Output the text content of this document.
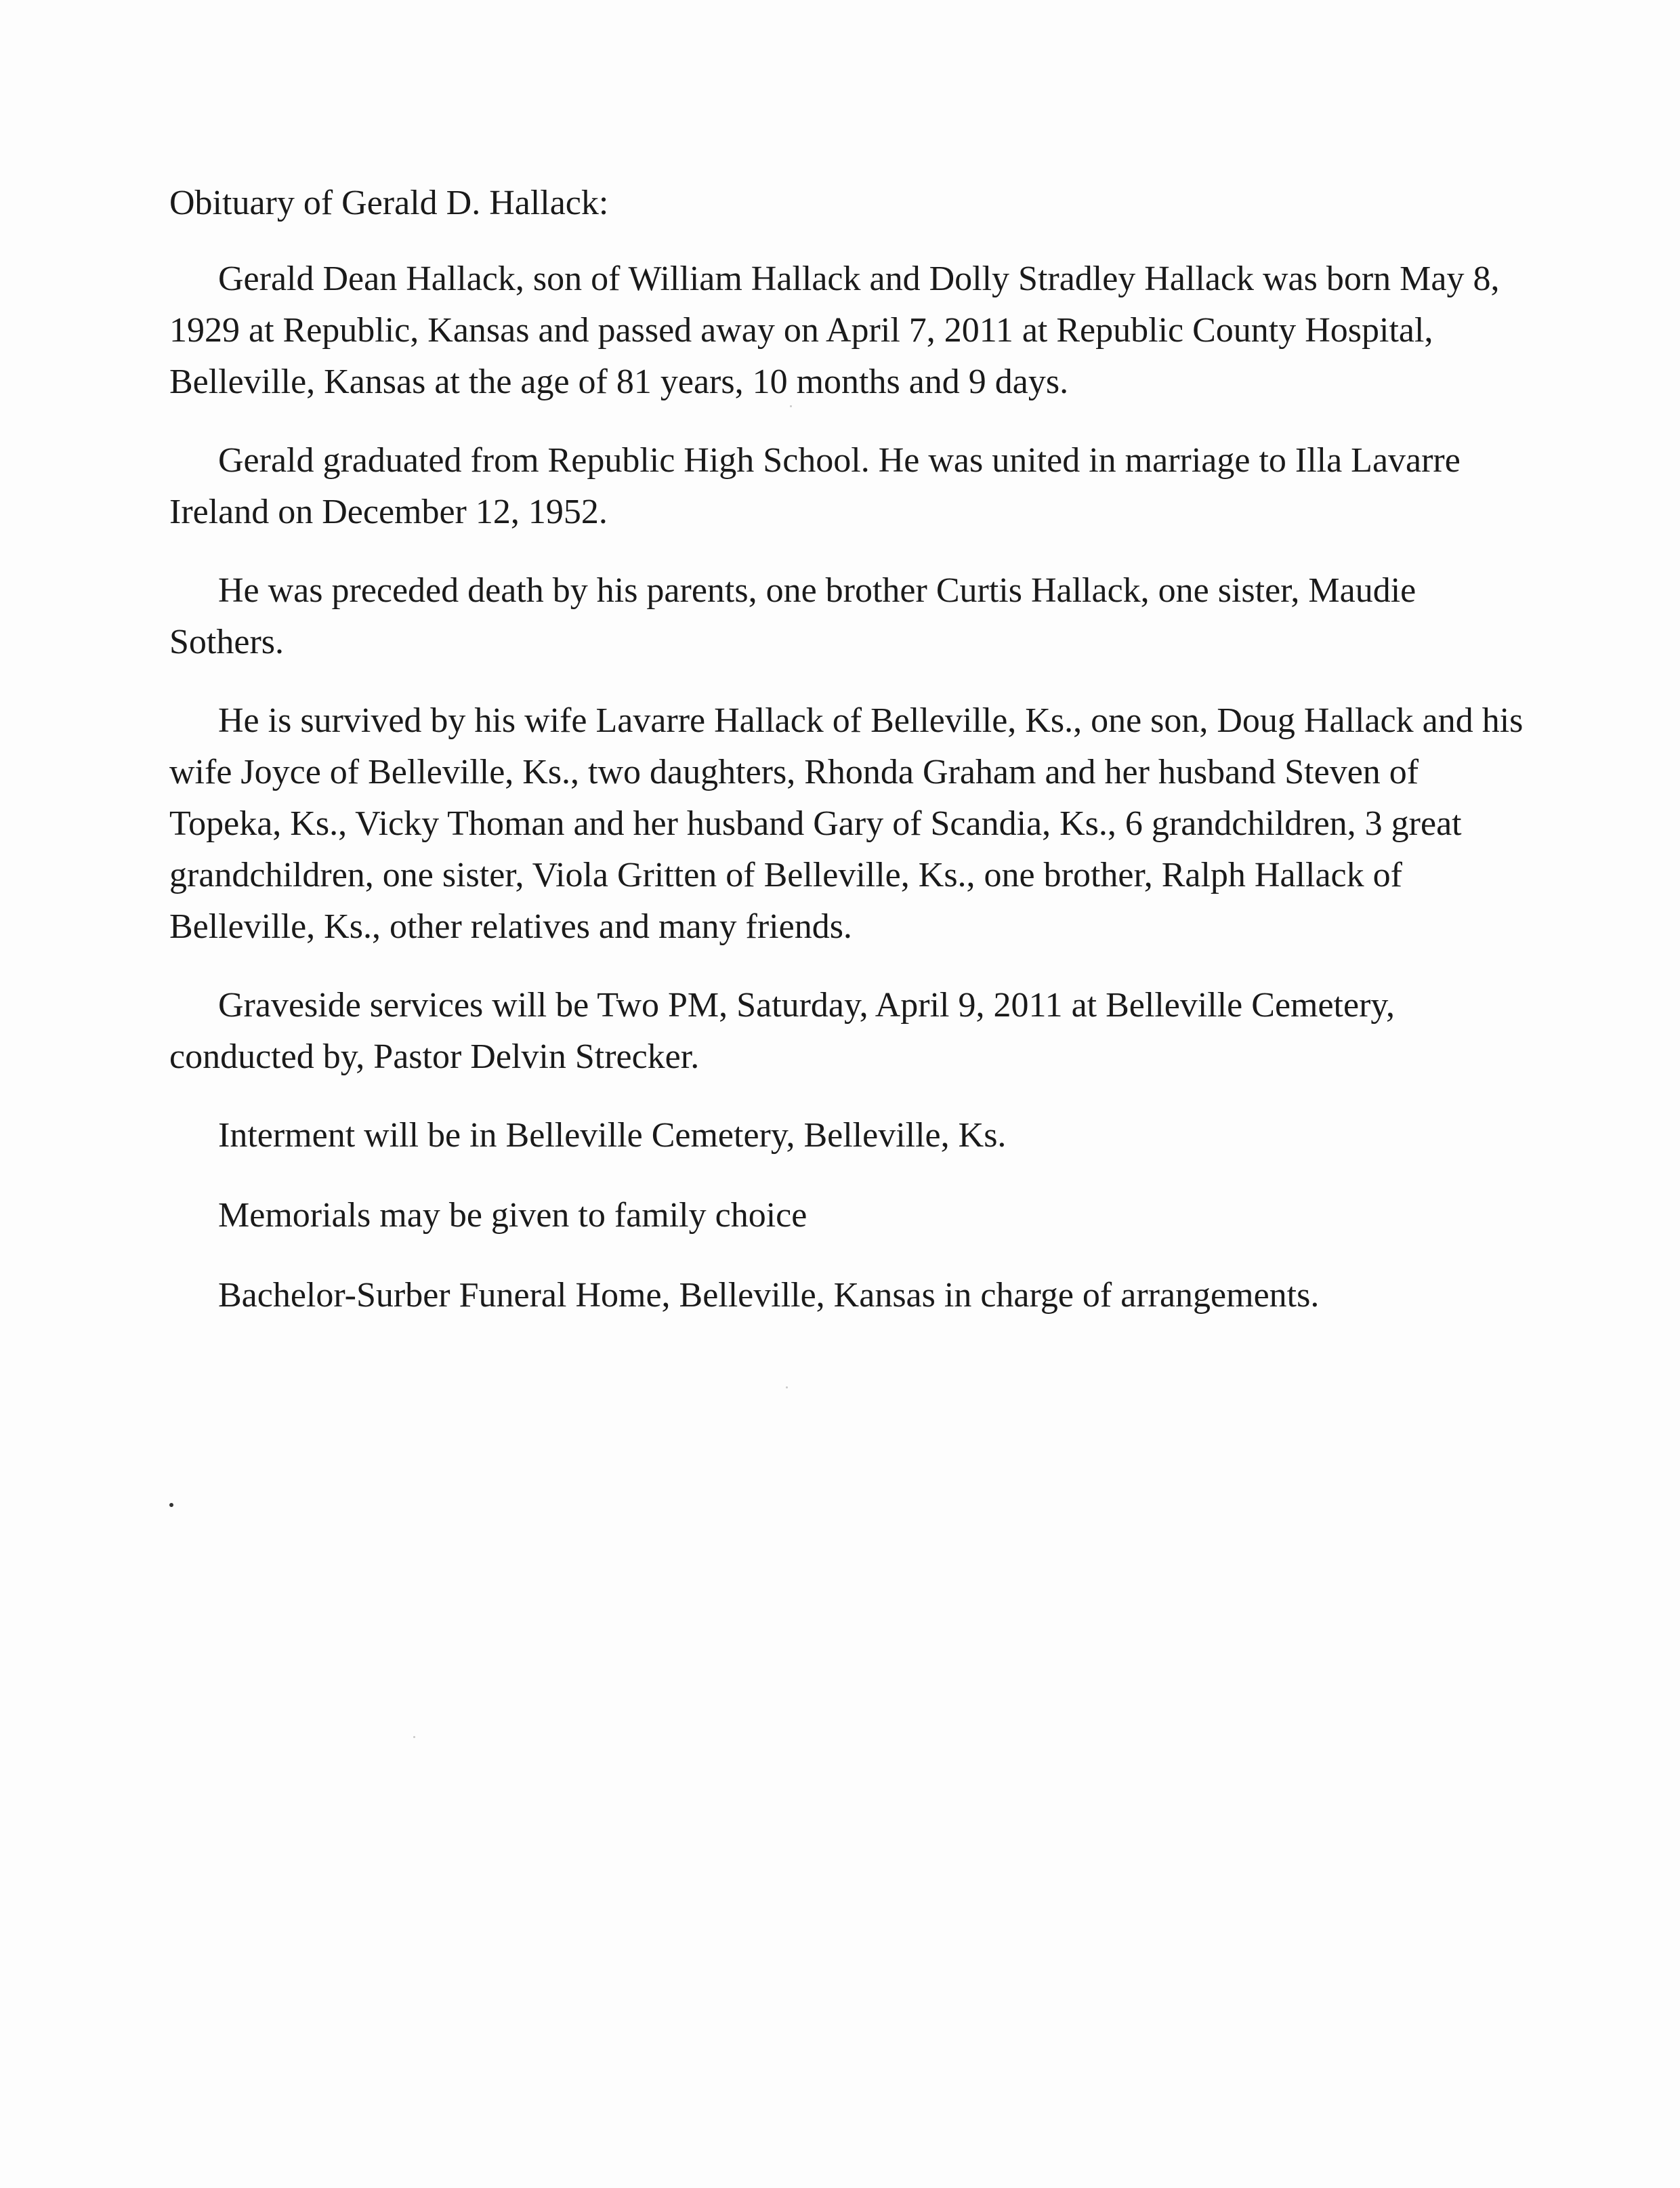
Obituary of Gerald D. Hallack:

Gerald Dean Hallack, son of William Hallack and Dolly Stradley Hallack was born May 8, 1929 at Republic, Kansas and passed away on April 7, 2011 at Republic County Hospital, Belleville, Kansas at the age of 81 years, 10 months and 9 days.

Gerald graduated from Republic High School. He was united in marriage to Illa Lavarre Ireland on December 12, 1952.

He was preceded death by his parents, one brother Curtis Hallack, one sister, Maudie Sothers.

He is survived by his wife Lavarre Hallack of Belleville, Ks., one son, Doug Hallack and his wife Joyce of Belleville, Ks., two daughters, Rhonda Graham and her husband Steven of Topeka, Ks., Vicky Thoman and her husband Gary of Scandia, Ks., 6 grandchildren, 3 great grandchildren, one sister, Viola Gritten of Belleville, Ks., one brother, Ralph Hallack of Belleville, Ks., other relatives and many friends.

Graveside services will be Two PM, Saturday, April 9, 2011 at Belleville Cemetery, conducted by, Pastor Delvin Strecker.

Interment will be in Belleville Cemetery, Belleville, Ks.

Memorials may be given to family choice

Bachelor-Surber Funeral Home, Belleville, Kansas in charge of arrangements.
